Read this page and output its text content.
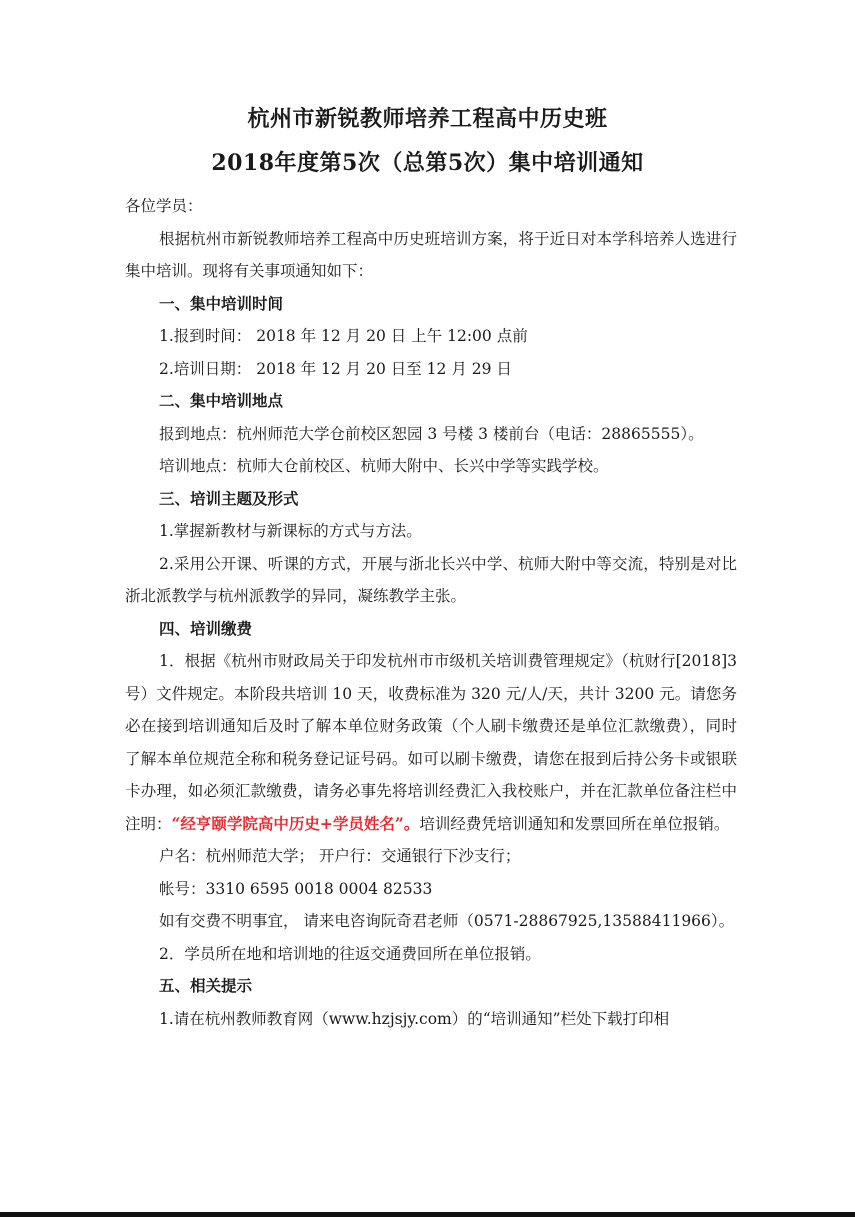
杭州市新锐教师培养工程高中历史班
2018年度第5次（总第5次）集中培训通知

各位学员：

根据杭州市新锐教师培养工程高中历史班培训方案，将于近日对本学科培养人选进行集中培训。现将有关事项通知如下：

一、集中培训时间

1.报到时间： 2018 年 12 月 20 日 上午 12:00 点前

2.培训日期： 2018 年 12 月 20 日至 12 月 29 日

二、集中培训地点

报到地点：杭州师范大学仓前校区恕园 3 号楼 3 楼前台（电话：28865555）。

培训地点：杭师大仓前校区、杭师大附中、长兴中学等实践学校。

三、培训主题及形式

1.掌握新教材与新课标的方式与方法。

2.采用公开课、听课的方式，开展与浙北长兴中学、杭师大附中等交流，特别是对比浙北派教学与杭州派教学的异同，凝练教学主张。

四、培训缴费

1．根据《杭州市财政局关于印发杭州市市级机关培训费管理规定》（杭财行[2018]3 号）文件规定。本阶段共培训 10 天，收费标准为 320 元/人/天，共计 3200 元。请您务必在接到培训通知后及时了解本单位财务政策（个人刷卡缴费还是单位汇款缴费），同时了解本单位规范全称和税务登记证号码。如可以刷卡缴费，请您在报到后持公务卡或银联卡办理，如必须汇款缴费，请务必事先将培训经费汇入我校账户，并在汇款单位备注栏中注明：“经亨颐学院高中历史+学员姓名”。培训经费凭培训通知和发票回所在单位报销。

户名：杭州师范大学； 开户行：交通银行下沙支行；

帐号：3310 6595 0018 0004 82533

如有交费不明事宜， 请来电咨询阮奇君老师（0571-28867925,13588411966）。

2．学员所在地和培训地的往返交通费回所在单位报销。

五、相关提示

1.请在杭州教师教育网（www.hzjsjy.com）的“培训通知”栏处下载打印相
